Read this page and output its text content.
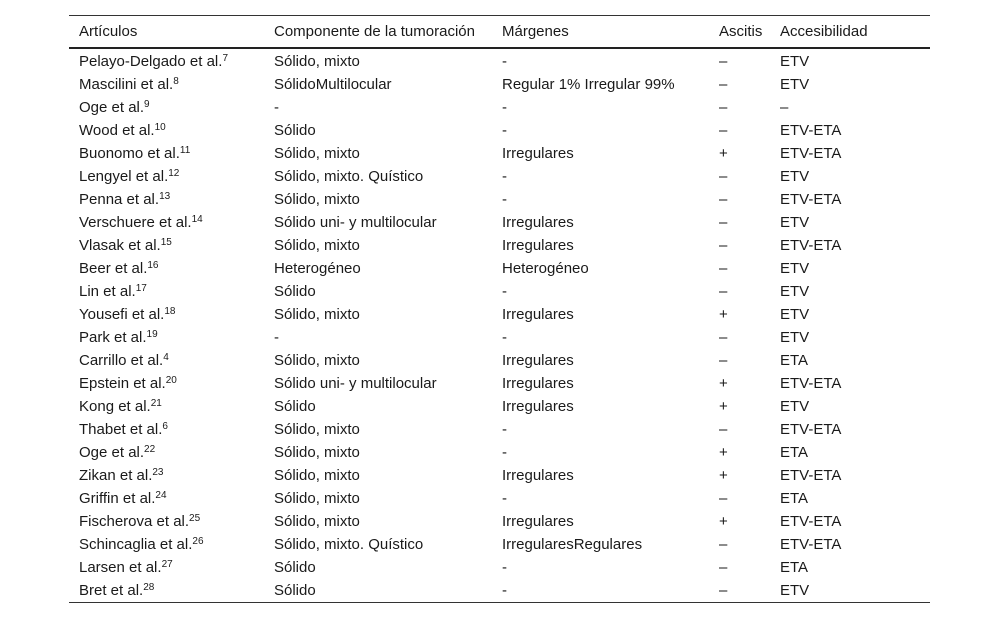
Artículos	Componente de la tumoración	Márgenes	Ascitis	Accesibilidad
Pelayo-Delgado et al.$^7$	Sólido, mixto	-	–	ETV
Mascilini et al.$^8$	SólidoMultilocular	Regular 1% Irregular 99%	–	ETV
Oge et al.$^9$	-	-	–	–
Wood et al.$^{10}$	Sólido	-	–	ETV-ETA
Buonomo et al.$^{11}$	Sólido, mixto	Irregulares	+	ETV-ETA
Lengyel et al.$^{12}$	Sólido, mixto. Quístico	-	–	ETV
Penna et al.$^{13}$	Sólido, mixto	-	–	ETV-ETA
Verschuere et al.$^{14}$	Sólido uni- y multilocular	Irregulares	–	ETV
Vlasak et al.$^{15}$	Sólido, mixto	Irregulares	–	ETV-ETA
Beer et al.$^{16}$	Heterogéneo	Heterogéneo	–	ETV
Lin et al.$^{17}$	Sólido	-	–	ETV
Yousefi et al.$^{18}$	Sólido, mixto	Irregulares	+	ETV
Park et al.$^{19}$	-	-	–	ETV
Carrillo et al.$^4$	Sólido, mixto	Irregulares	–	ETA
Epstein et al.$^{20}$	Sólido uni- y multilocular	Irregulares	+	ETV-ETA
Kong et al.$^{21}$	Sólido	Irregulares	+	ETV
Thabet et al.$^6$	Sólido, mixto	-	–	ETV-ETA
Oge et al.$^{22}$	Sólido, mixto	-	+	ETA
Zikan et al.$^{23}$	Sólido, mixto	Irregulares	+	ETV-ETA
Griffin et al.$^{24}$	Sólido, mixto	-	–	ETA
Fischerova et al.$^{25}$	Sólido, mixto	Irregulares	+	ETV-ETA
Schincaglia et al.$^{26}$	Sólido, mixto. Quístico	IrregularesRegulares	–	ETV-ETA
Larsen et al.$^{27}$	Sólido	-	–	ETA
Bret et al.$^{28}$	Sólido	-	–	ETV
